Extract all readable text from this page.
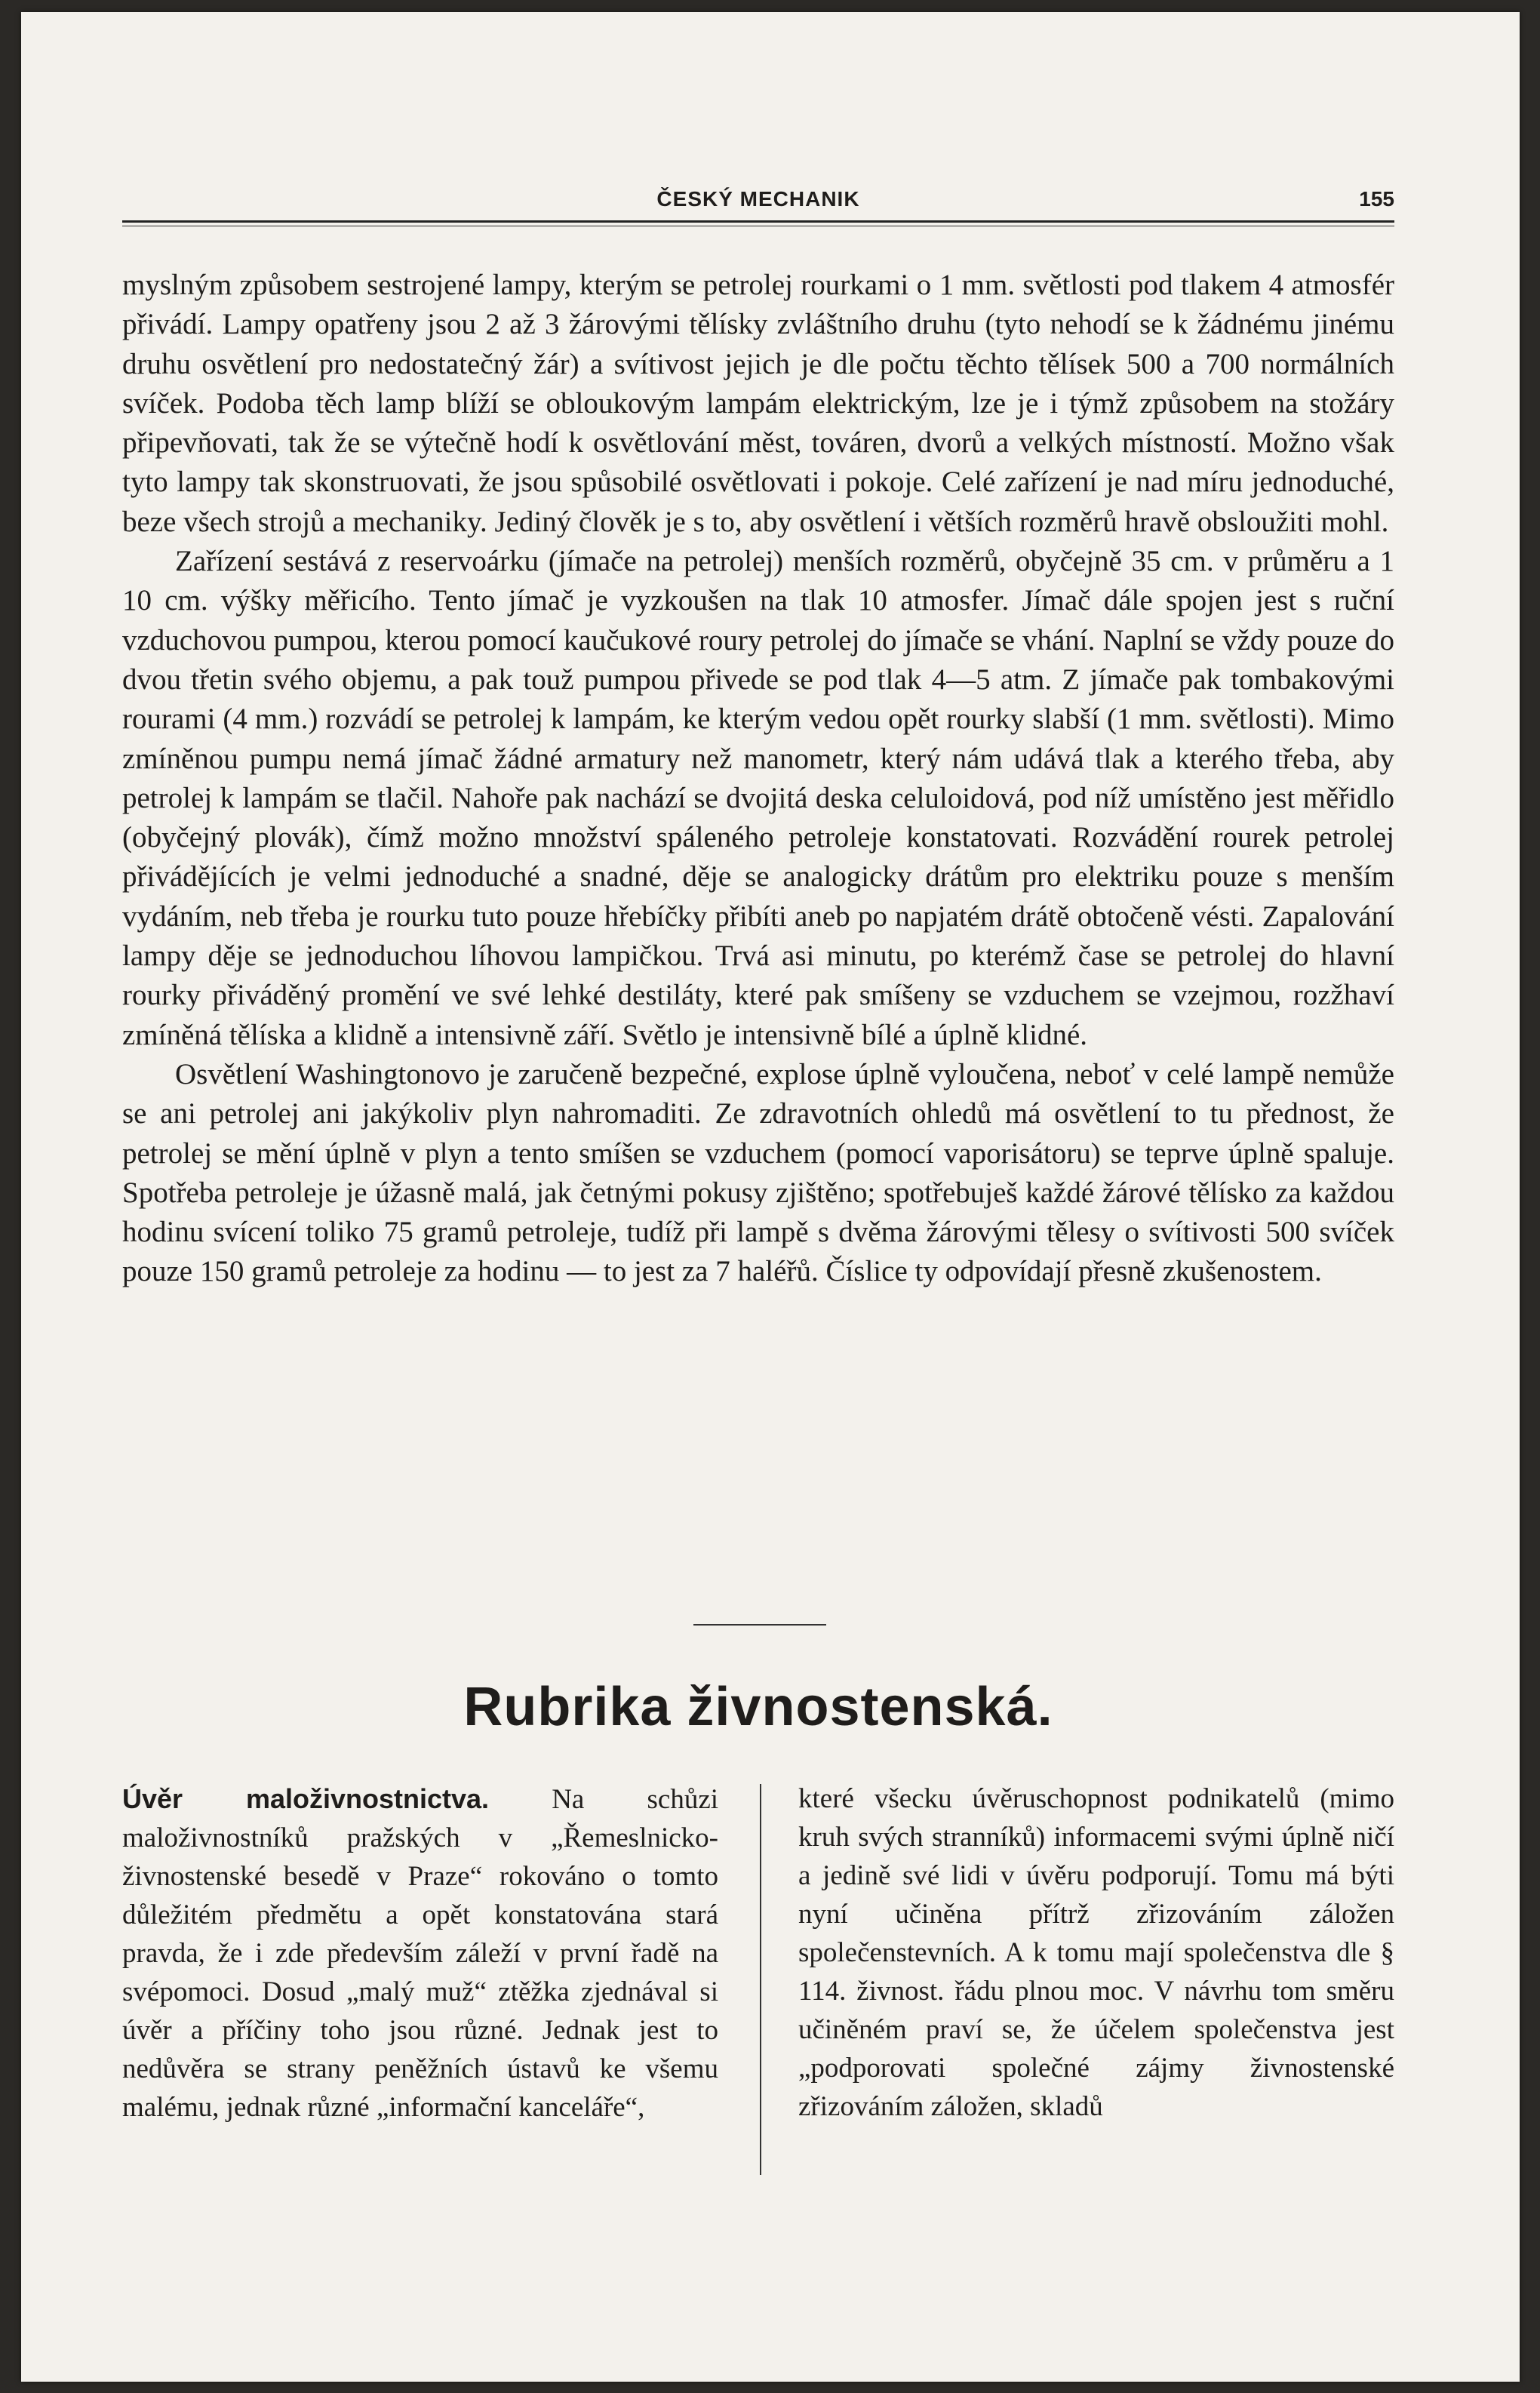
ČESKÝ MECHANIK	155

myslným způsobem sestrojené lampy, kterým se petrolej rourkami o 1 mm. světlosti pod tlakem 4 atmosfér přivádí. Lampy opatřeny jsou 2 až 3 žárovými tělísky zvláštního druhu (tyto nehodí se k žádnému jinému druhu osvětlení pro nedostatečný žár) a svítivost jejich je dle počtu těchto tělísek 500 a 700 normálních svíček. Podoba těch lamp blíží se obloukovým lampám elektrickým, lze je i týmž způsobem na stožáry připevňovati, tak že se výtečně hodí k osvětlování měst, továren, dvorů a velkých místností. Možno však tyto lampy tak skonstruovati, že jsou spůsobilé osvětlovati i pokoje. Celé zařízení je nad míru jednoduché, beze všech strojů a mechaniky. Jediný člověk je s to, aby osvětlení i větších rozměrů hravě obsloužiti mohl.

Zařízení sestává z reservoárku (jímače na petrolej) menších rozměrů, obyčejně 35 cm. v průměru a 1 10 cm. výšky měřicího. Tento jímač je vyzkoušen na tlak 10 atmosfer. Jímač dále spojen jest s ruční vzduchovou pumpou, kterou pomocí kaučukové roury petrolej do jímače se vhání. Naplní se vždy pouze do dvou třetin svého objemu, a pak touž pumpou přivede se pod tlak 4—5 atm. Z jímače pak tombakovými rourami (4 mm.) rozvádí se petrolej k lampám, ke kterým vedou opět rourky slabší (1 mm. světlosti). Mimo zmíněnou pumpu nemá jímač žádné armatury než manometr, který nám udává tlak a kterého třeba, aby petrolej k lampám se tlačil. Nahoře pak nachází se dvojitá deska celuloidová, pod níž umístěno jest měřidlo (obyčejný plovák), čímž možno množství spáleného petroleje konstatovati. Rozvádění rourek petrolej přivádějících je velmi jednoduché a snadné, děje se analogicky drátům pro elektriku pouze s menším vydáním, neb třeba je rourku tuto pouze hřebíčky přibíti aneb po napjatém drátě obtočeně vésti. Zapalování lampy děje se jednoduchou líhovou lampičkou. Trvá asi minutu, po kterémž čase se petrolej do hlavní rourky přiváděný promění ve své lehké destiláty, které pak smíšeny se vzduchem se vzejmou, rozžhaví zmíněná tělíska a klidně a intensivně září. Světlo je intensivně bílé a úplně klidné.

Osvětlení Washingtonovo je zaručeně bezpečné, explose úplně vyloučena, neboť v celé lampě nemůže se ani petrolej ani jakýkoliv plyn nahromaditi. Ze zdravotních ohledů má osvětlení to tu přednost, že petrolej se mění úplně v plyn a tento smíšen se vzduchem (pomocí vaporisátoru) se teprve úplně spaluje. Spotřeba petroleje je úžasně malá, jak četnými pokusy zjištěno; spotřebuješ každé žárové tělísko za každou hodinu svícení toliko 75 gramů petroleje, tudíž při lampě s dvěma žárovými tělesy o svítivosti 500 svíček pouze 150 gramů petroleje za hodinu — to jest za 7 haléřů. Číslice ty odpovídají přesně zkušenostem.

Rubrika živnostenská.
Úvěr maloživnostnictva. Na schůzi maloživnostníků pražských v „Řemeslnicko-živnostenské besedě v Praze“ rokováno o tomto důležitém předmětu a opět konstatována stará pravda, že i zde především záleží v první řadě na svépomoci. Dosud „malý muž“ ztěžka zjednával si úvěr a příčiny toho jsou různé. Jednak jest to nedůvěra se strany peněžních ústavů ke všemu malému, jednak různé „informační kanceláře“,
které všecku úvěruschopnost podnikatelů (mimo kruh svých stranníků) informacemi svými úplně ničí a jedině své lidi v úvěru podporují. Tomu má býti nyní učiněna přítrž zřizováním záložen společenstevních. A k tomu mají společenstva dle § 114. živnost. řádu plnou moc. V návrhu tom směru učiněném praví se, že účelem společenstva jest „podporovati společné zájmy živnostenské zřizováním záložen, skladů
